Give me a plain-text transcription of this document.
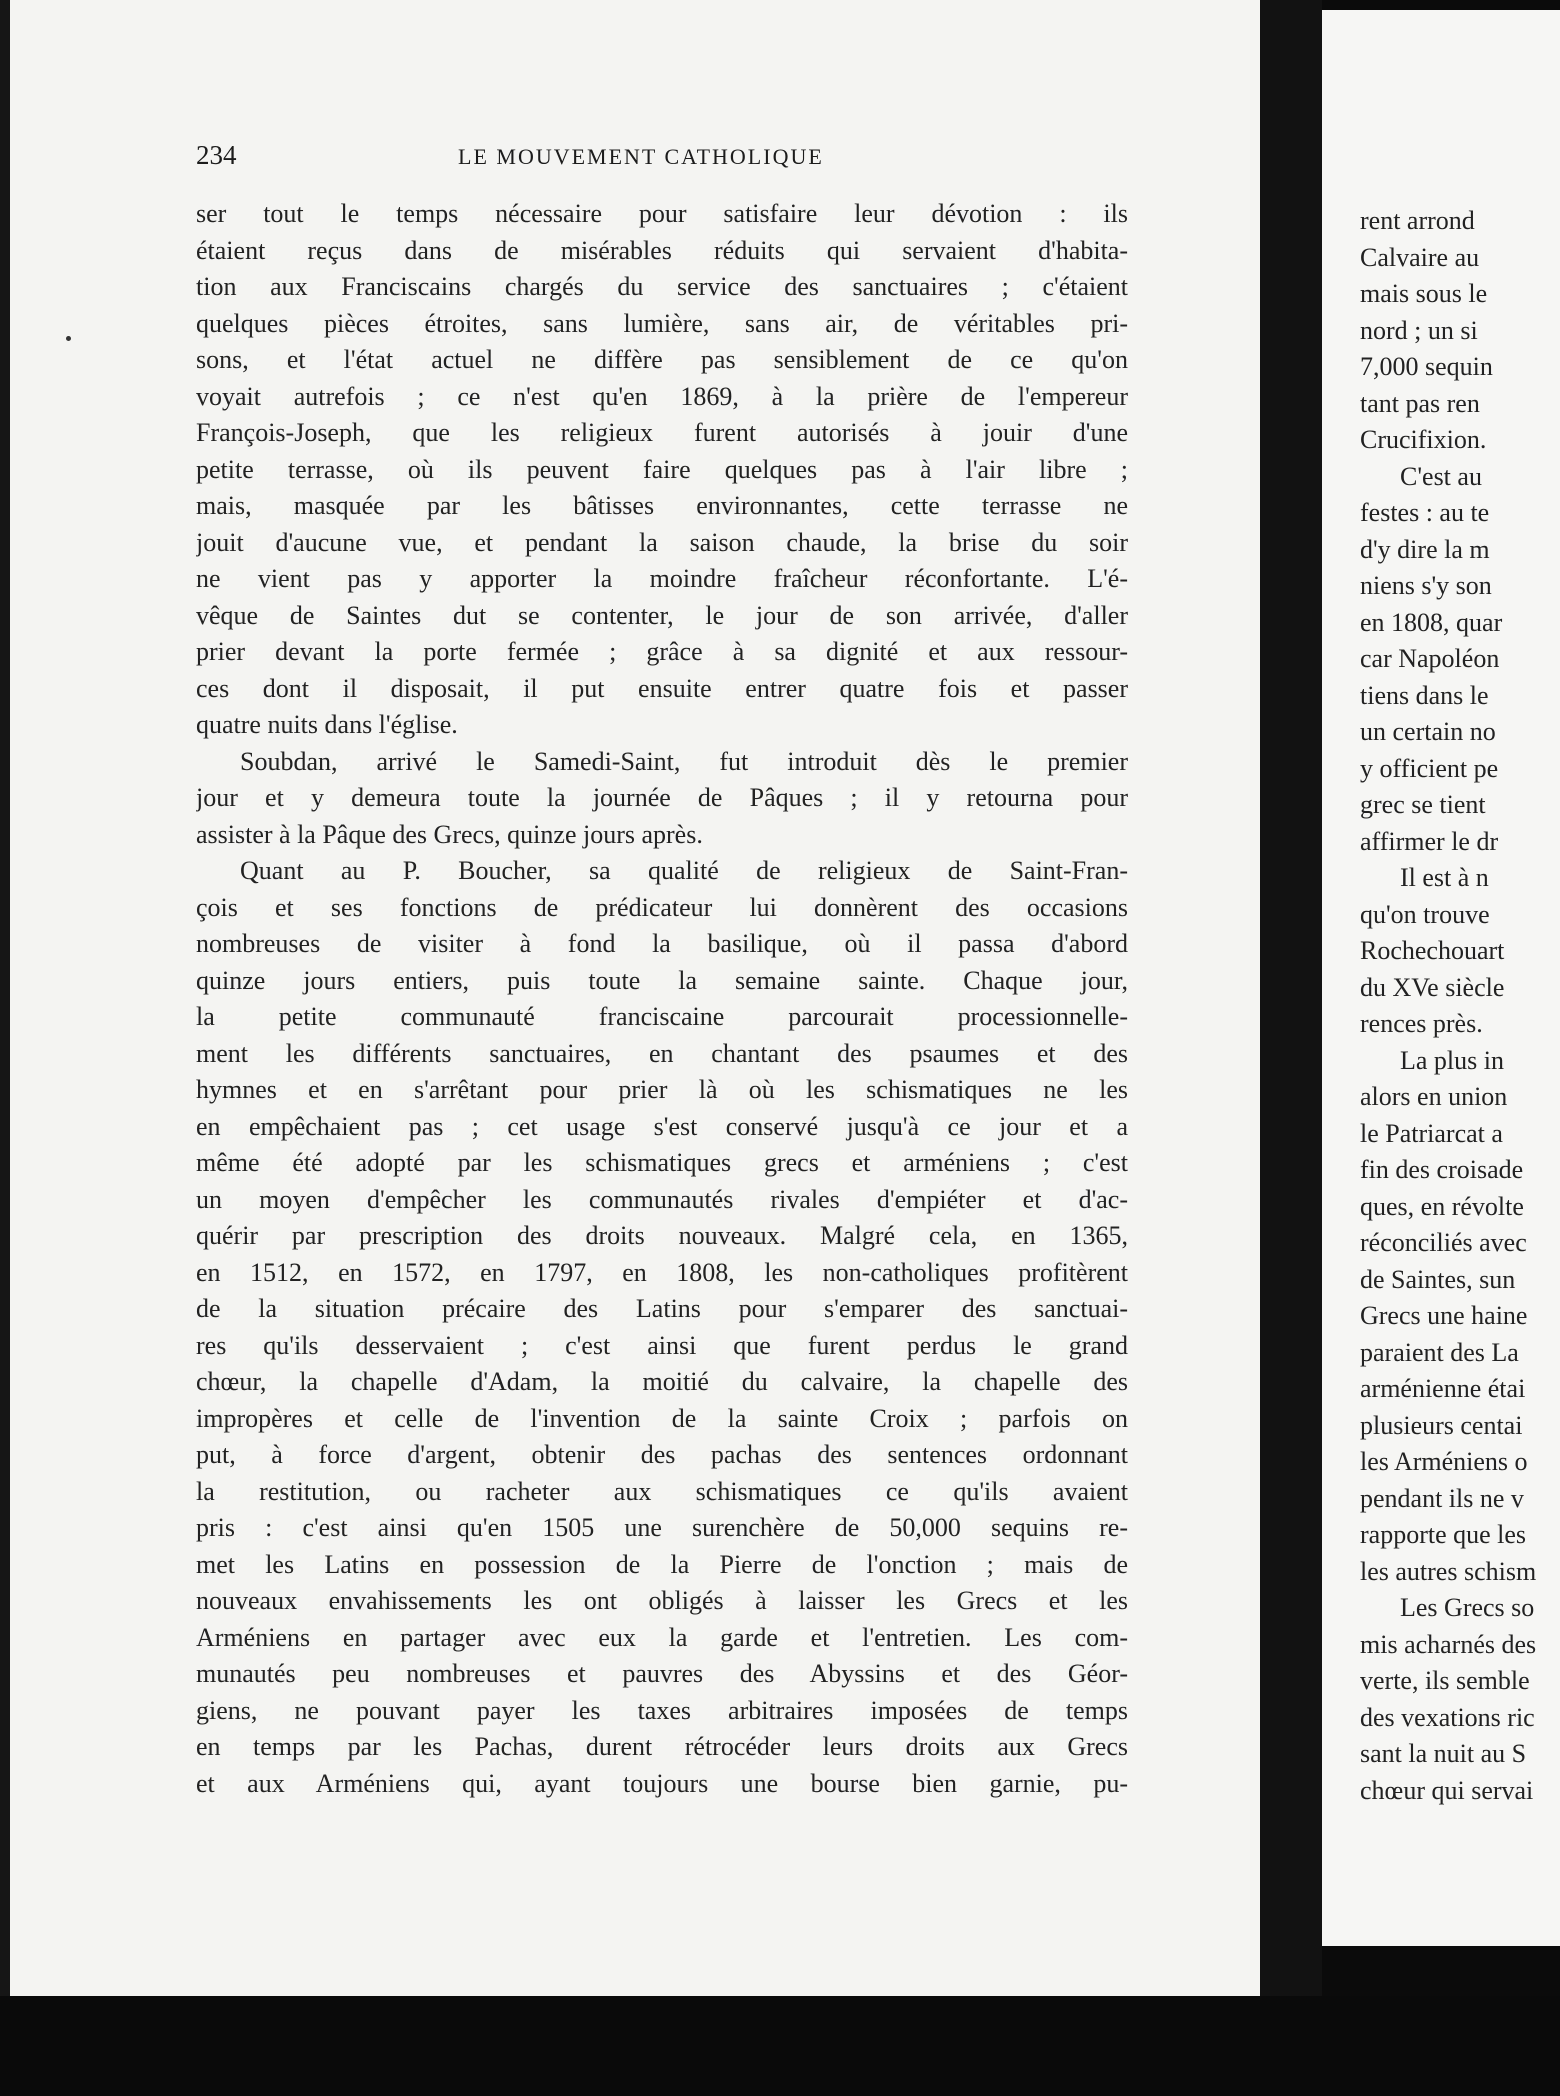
234	LE MOUVEMENT CATHOLIQUE
ser tout le temps nécessaire pour satisfaire leur dévotion : ils
étaient reçus dans de misérables réduits qui servaient d'habita-
tion aux Franciscains chargés du service des sanctuaires ; c'étaient
quelques pièces étroites, sans lumière, sans air, de véritables pri-
sons, et l'état actuel ne diffère pas sensiblement de ce qu'on
voyait autrefois ; ce n'est qu'en 1869, à la prière de l'empereur
François-Joseph, que les religieux furent autorisés à jouir d'une
petite terrasse, où ils peuvent faire quelques pas à l'air libre ;
mais, masquée par les bâtisses environnantes, cette terrasse ne
jouit d'aucune vue, et pendant la saison chaude, la brise du soir
ne vient pas y apporter la moindre fraîcheur réconfortante. L'é-
vêque de Saintes dut se contenter, le jour de son arrivée, d'aller
prier devant la porte fermée ; grâce à sa dignité et aux ressour-
ces dont il disposait, il put ensuite entrer quatre fois et passer
quatre nuits dans l'église.
Soubdan, arrivé le Samedi-Saint, fut introduit dès le premier
jour et y demeura toute la journée de Pâques ; il y retourna pour
assister à la Pâque des Grecs, quinze jours après.
Quant au P. Boucher, sa qualité de religieux de Saint-Fran-
çois et ses fonctions de prédicateur lui donnèrent des occasions
nombreuses de visiter à fond la basilique, où il passa d'abord
quinze jours entiers, puis toute la semaine sainte. Chaque jour,
la petite communauté franciscaine parcourait processionnelle-
ment les différents sanctuaires, en chantant des psaumes et des
hymnes et en s'arrêtant pour prier là où les schismatiques ne les
en empêchaient pas ; cet usage s'est conservé jusqu'à ce jour et a
même été adopté par les schismatiques grecs et arméniens ; c'est
un moyen d'empêcher les communautés rivales d'empiéter et d'ac-
quérir par prescription des droits nouveaux. Malgré cela, en 1365,
en 1512, en 1572, en 1797, en 1808, les non-catholiques profitèrent
de la situation précaire des Latins pour s'emparer des sanctuai-
res qu'ils desservaient ; c'est ainsi que furent perdus le grand
chœur, la chapelle d'Adam, la moitié du calvaire, la chapelle des
impropères et celle de l'invention de la sainte Croix ; parfois on
put, à force d'argent, obtenir des pachas des sentences ordonnant
la restitution, ou racheter aux schismatiques ce qu'ils avaient
pris : c'est ainsi qu'en 1505 une surenchère de 50,000 sequins re-
met les Latins en possession de la Pierre de l'onction ; mais de
nouveaux envahissements les ont obligés à laisser les Grecs et les
Arméniens en partager avec eux la garde et l'entretien. Les com-
munautés peu nombreuses et pauvres des Abyssins et des Géor-
giens, ne pouvant payer les taxes arbitraires imposées de temps
en temps par les Pachas, durent rétrocéder leurs droits aux Grecs
et aux Arméniens qui, ayant toujours une bourse bien garnie, pu-
rent arrond
Calvaire au
mais sous le
nord ; un si
7,000 sequin
tant pas ren
Crucifixion.
C'est au
festes : au te
d'y dire la m
niens s'y son
en 1808, quar
car Napoléon
tiens dans le
un certain no
y officient pe
grec se tient
affirmer le dr
Il est à n
qu'on trouve
Rochechouart
du XVe siècle
rences près.
La plus in
alors en union
le Patriarcat a
fin des croisade
ques, en révolte
réconciliés avec
de Saintes, sun
Grecs une haine
paraient des La
arménienne étai
plusieurs centai
les Arméniens o
pendant ils ne v
rapporte que les
les autres schism
Les Grecs so
mis acharnés des
verte, ils semble
des vexations ric
sant la nuit au S
chœur qui servai
